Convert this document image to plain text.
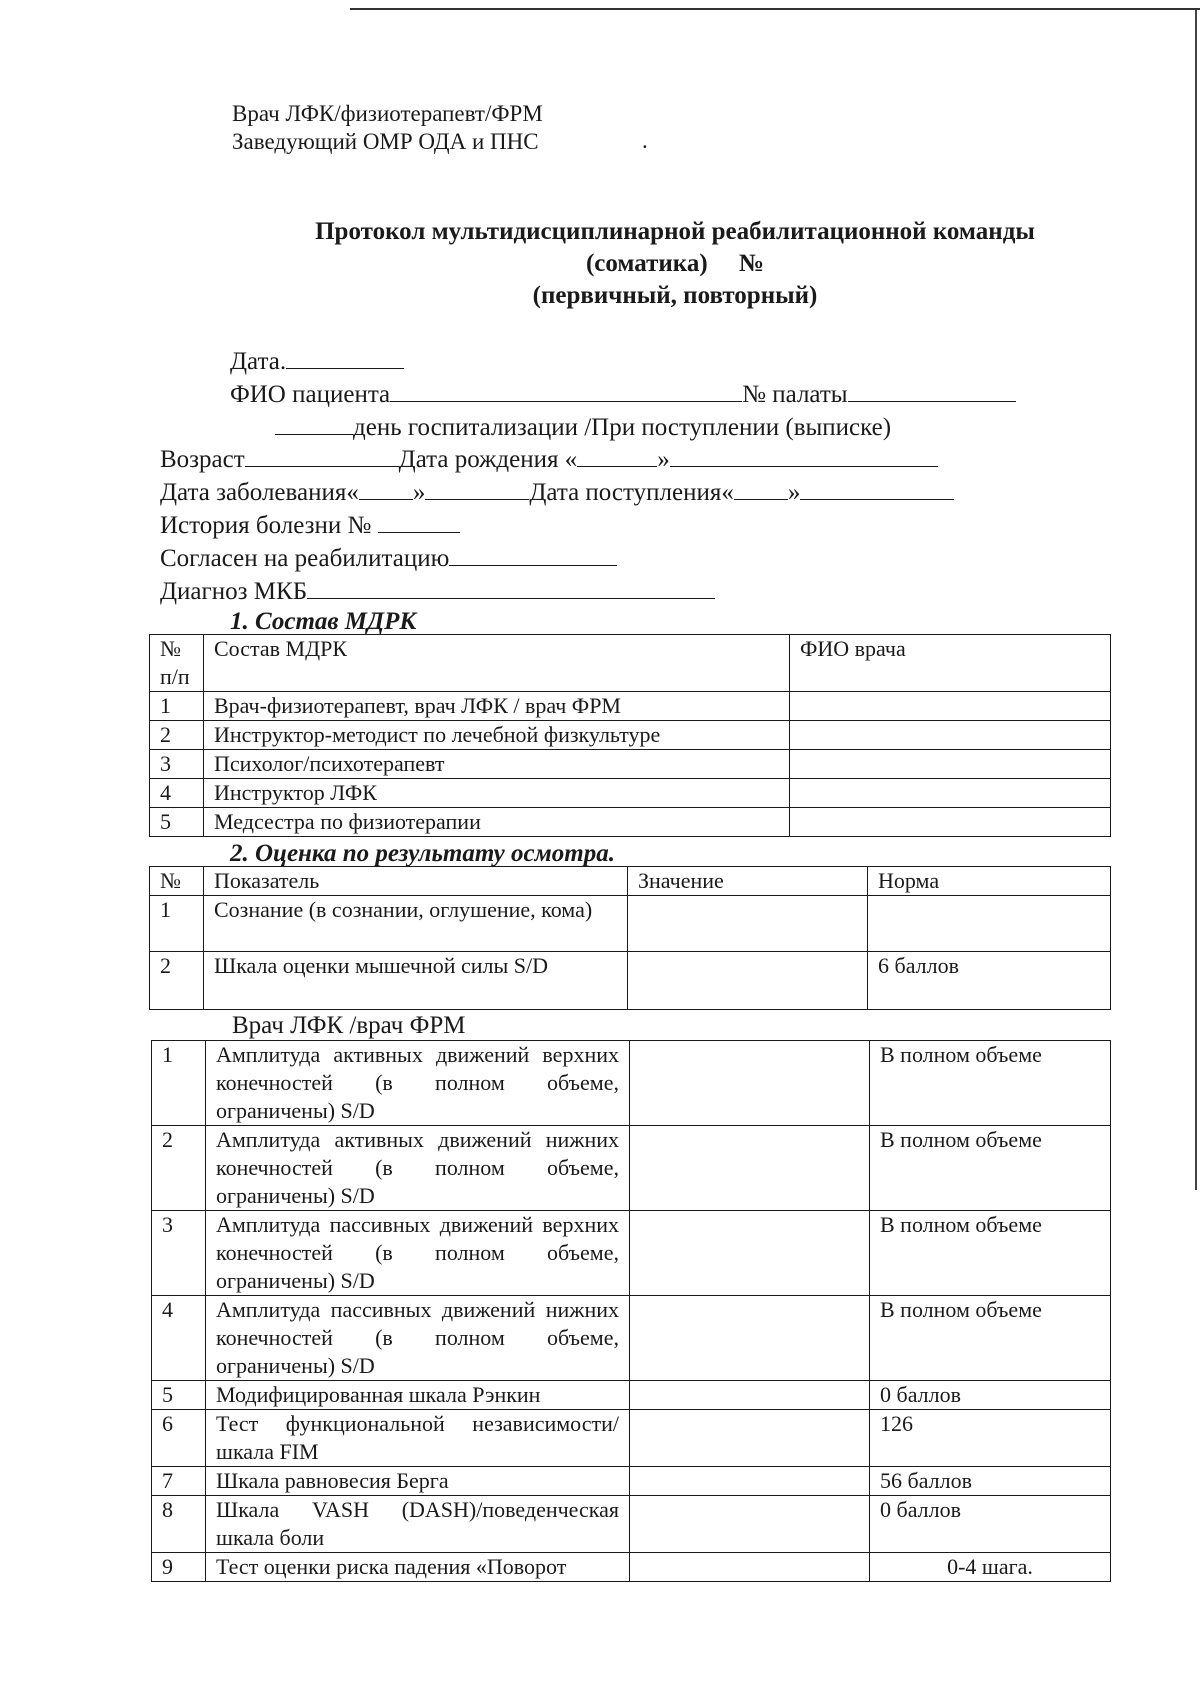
Врач ЛФК/физиотерапевт/ФРМ
Заведующий ОМР ОДА и ПНС	.
Протокол мультидисциплинарной реабилитационной команды
(соматика)     №
(первичный, повторный)
Дата.
ФИО пациента	№ палаты
день госпитализации /При поступлении (выписке)
Возраст	Дата рождения «	»
Дата заболевания« »	Дата поступления« »
История болезни №
Согласен на реабилитацию
Диагноз МКБ
1. Состав МДРК
№ п/п	Состав МДРК	ФИО врача
1	Врач-физиотерапевт, врач ЛФК / врач ФРМ	
2	Инструктор-методист по лечебной физкультуре	
3	Психолог/психотерапевт	
4	Инструктор ЛФК	
5	Медсестра по физиотерапии	
2. Оценка по результату осмотра.
№	Показатель	Значение	Норма
1	Сознание (в сознании, оглушение, кома)		
2	Шкала оценки мышечной силы S/D		6 баллов
Врач ЛФК /врач ФРМ
1	Амплитуда активных движений верхних конечностей (в полном объеме, ограничены) S/D		В полном объеме
2	Амплитуда активных движений нижних конечностей (в полном объеме, ограничены) S/D		В полном объеме
3	Амплитуда пассивных движений верхних конечностей (в полном объеме, ограничены) S/D		В полном объеме
4	Амплитуда пассивных движений нижних конечностей (в полном объеме, ограничены) S/D		В полном объеме
5	Модифицированная шкала Рэнкин		0 баллов
6	Тест функциональной независимости/шкала FIM		126
7	Шкала равновесия Берга		56 баллов
8	Шкала VASH (DASH)/поведенческая шкала боли		0 баллов
9	Тест оценки риска падения «Поворот		0-4 шага.
